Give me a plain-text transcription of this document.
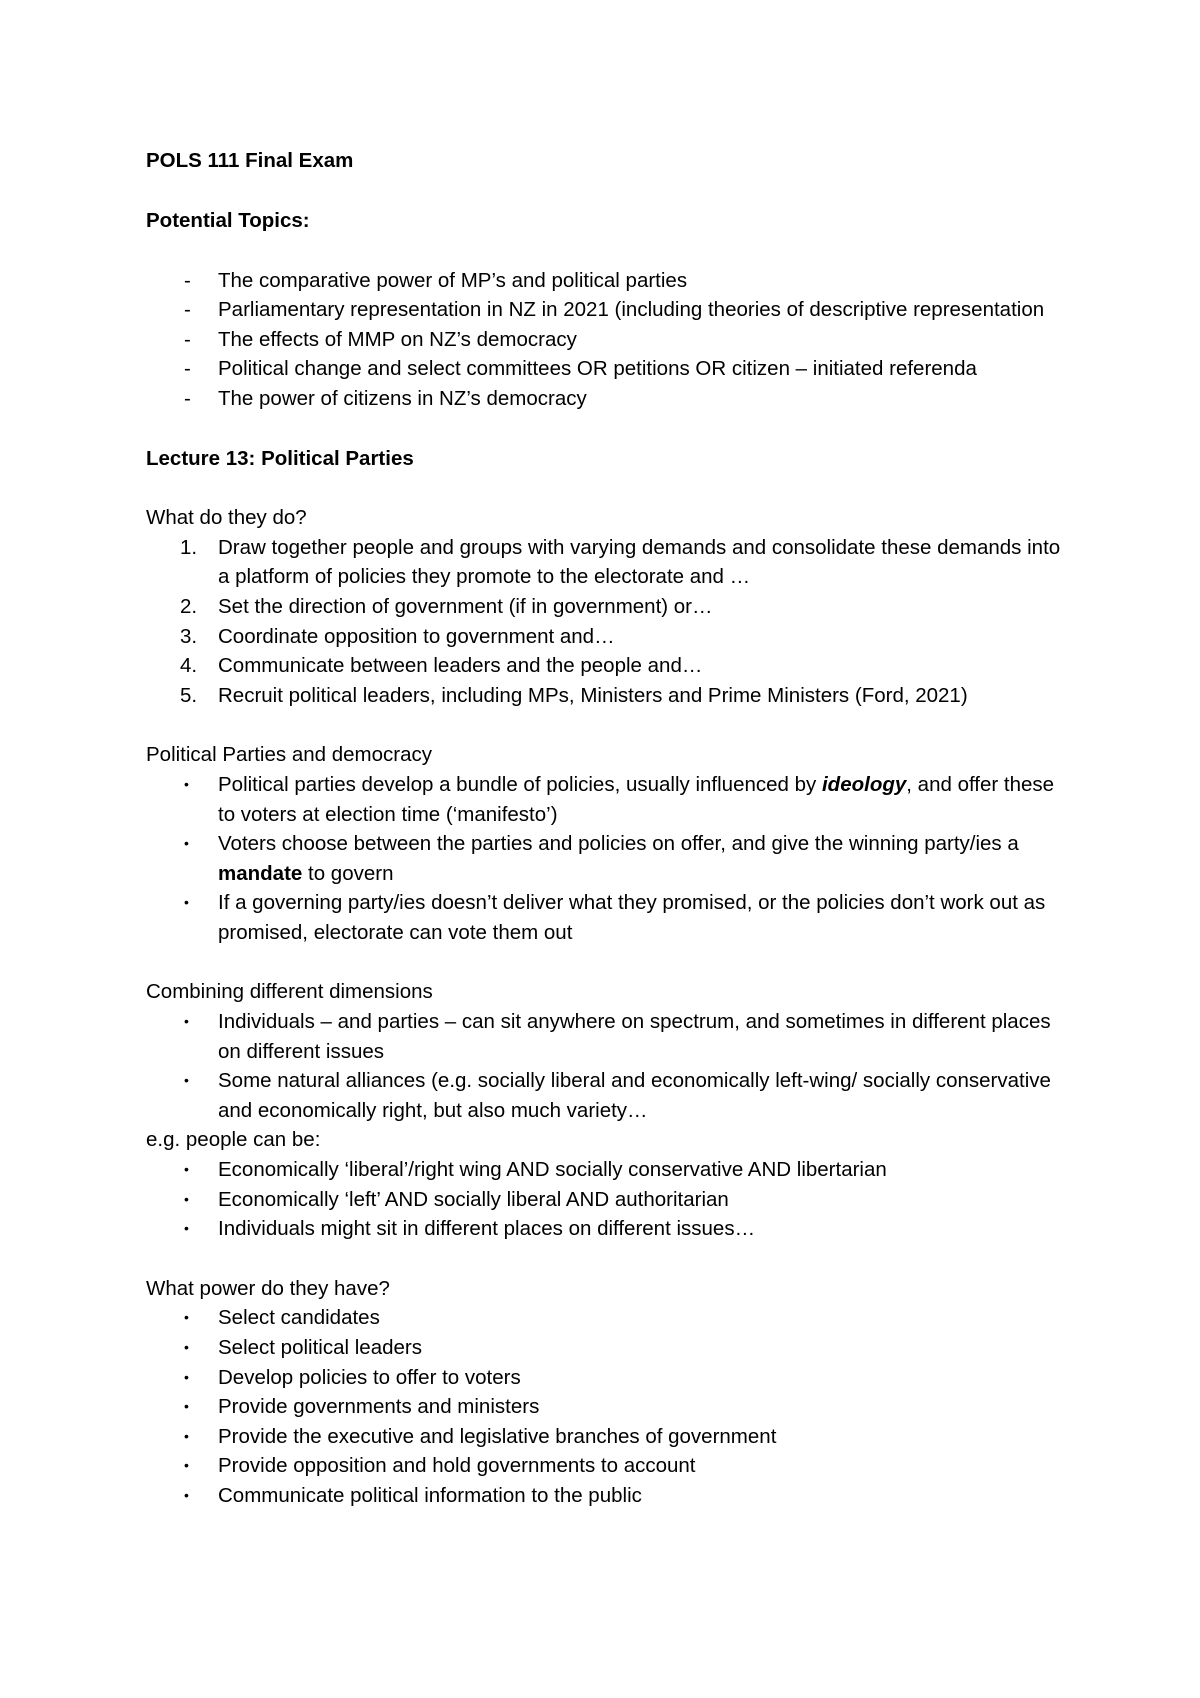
POLS 111 Final Exam

Potential Topics:

- The comparative power of MP’s and political parties
- Parliamentary representation in NZ in 2021 (including theories of descriptive representation
- The effects of MMP on NZ’s democracy
- Political change and select committees OR petitions OR citizen – initiated referenda
- The power of citizens in NZ’s democracy

Lecture 13: Political Parties

What do they do?

1. Draw together people and groups with varying demands and consolidate these demands into a platform of policies they promote to the electorate and …
2. Set the direction of government (if in government) or…
3. Coordinate opposition to government and…
4. Communicate between leaders and the people and…
5. Recruit political leaders, including MPs, Ministers and Prime Ministers (Ford, 2021)

Political Parties and democracy

• Political parties develop a bundle of policies, usually influenced by ideology, and offer these to voters at election time (‘manifesto’)
• Voters choose between the parties and policies on offer, and give the winning party/ies a mandate to govern
• If a governing party/ies doesn’t deliver what they promised, or the policies don’t work out as promised, electorate can vote them out

Combining different dimensions

• Individuals – and parties – can sit anywhere on spectrum, and sometimes in different places on different issues
• Some natural alliances (e.g. socially liberal and economically left-wing/ socially conservative and economically right, but also much variety…

e.g. people can be:

• Economically ‘liberal’/right wing AND socially conservative AND libertarian
• Economically ‘left’ AND socially liberal AND authoritarian
• Individuals might sit in different places on different issues…

What power do they have?

• Select candidates
• Select political leaders
• Develop policies to offer to voters
• Provide governments and ministers
• Provide the executive and legislative branches of government
• Provide opposition and hold governments to account
• Communicate political information to the public
